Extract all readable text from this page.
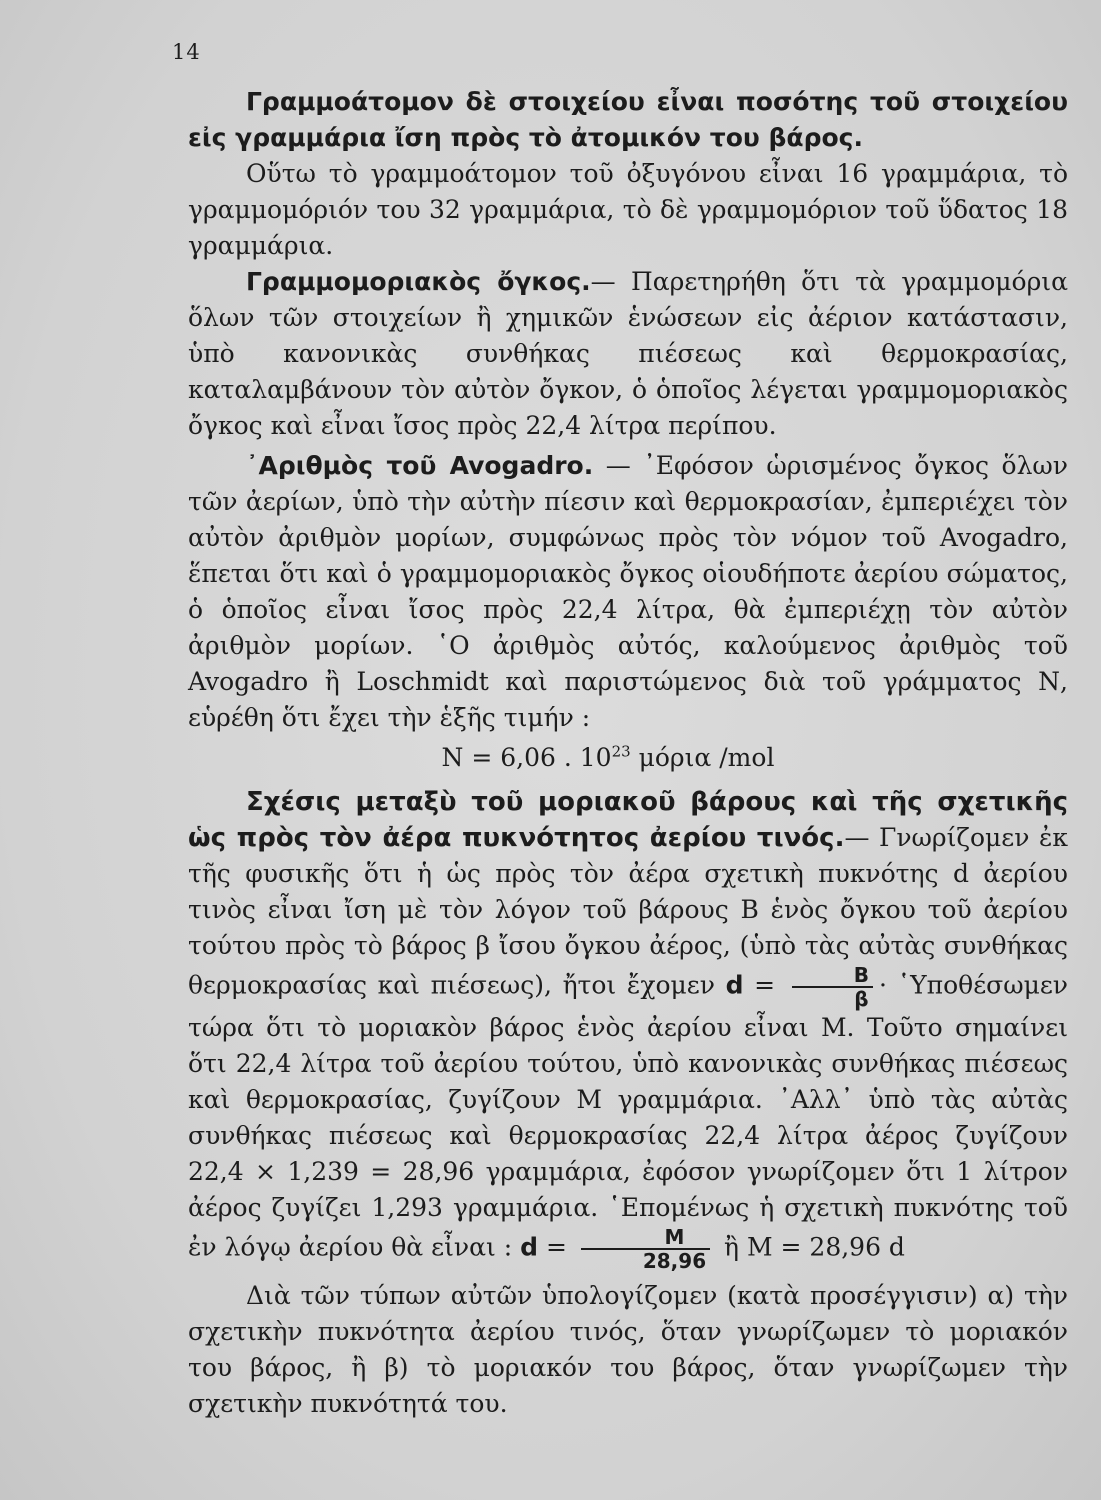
14

Γραμμοάτομον δὲ στοιχείου εἶναι ποσότης τοῦ στοιχείου εἰς γραμμάρια ἴση πρὸς τὸ ἀτομικόν του βάρος.

Οὕτω τὸ γραμμοάτομον τοῦ ὀξυγόνου εἶναι 16 γραμμάρια, τὸ γραμμομόριόν του 32 γραμμάρια, τὸ δὲ γραμμομόριον τοῦ ὕδατος 18 γραμμάρια.

Γραμμομοριακὸς ὄγκος.— Παρετηρήθη ὅτι τὰ γραμμομόρια ὅλων τῶν στοιχείων ἢ χημικῶν ἑνώσεων εἰς ἀέριον κατάστασιν, ὑπὸ κανονικὰς συνθήκας πιέσεως καὶ θερμοκρασίας, καταλαμβάνουν τὸν αὐτὸν ὄγκον, ὁ ὁποῖος λέγεται γραμμομοριακὸς ὄγκος καὶ εἶναι ἴσος πρὸς 22,4 λίτρα περίπου.

᾿Αριθμὸς τοῦ Avogadro. — ᾿Εφόσον ὡρισμένος ὄγκος ὅλων τῶν ἀερίων, ὑπὸ τὴν αὐτὴν πίεσιν καὶ θερμοκρασίαν, ἐμπεριέχει τὸν αὐτὸν ἀριθμὸν μορίων, συμφώνως πρὸς τὸν νόμον τοῦ Avogadro, ἕπεται ὅτι καὶ ὁ γραμμομοριακὸς ὄγκος οἱουδήποτε ἀερίου σώματος, ὁ ὁποῖος εἶναι ἴσος πρὸς 22,4 λίτρα, θὰ ἐμπεριέχῃ τὸν αὐτὸν ἀριθμὸν μορίων. ῾Ο ἀριθμὸς αὐτός, καλούμενος ἀριθμὸς τοῦ Avogadro ἢ Loschmidt καὶ παριστώμενος διὰ τοῦ γράμματος Ν, εὑρέθη ὅτι ἔχει τὴν ἑξῆς τιμήν :

N = 6,06 . $10^{23}$ μόρια /mol

Σχέσις μεταξὺ τοῦ μοριακοῦ βάρους καὶ τῆς σχετικῆς ὡς πρὸς τὸν ἀέρα πυκνότητος ἀερίου τινός.— Γνωρίζομεν ἐκ τῆς φυσικῆς ὅτι ἡ ὡς πρὸς τὸν ἀέρα σχετικὴ πυκνότης d ἀερίου τινὸς εἶναι ἴση μὲ τὸν λόγον τοῦ βάρους Β ἑνὸς ὄγκου τοῦ ἀερίου τούτου πρὸς τὸ βάρος β ἴσου ὄγκου ἀέρος, (ὑπὸ τὰς αὐτὰς συνθήκας θερμοκρασίας καὶ πιέσεως), ἤτοι ἔχομεν $d = \frac{B}{\beta}$ · ῾Υποθέσωμεν τώρα ὅτι τὸ μοριακὸν βάρος ἑνὸς ἀερίου εἶναι Μ. Τοῦτο σημαίνει ὅτι 22,4 λίτρα τοῦ ἀερίου τούτου, ὑπὸ κανονικὰς συνθήκας πιέσεως καὶ θερμοκρασίας, ζυγίζουν Μ γραμμάρια. ᾿Αλλ᾿ ὑπὸ τὰς αὐτὰς συνθήκας πιέσεως καὶ θερμοκρασίας 22,4 λίτρα ἀέρος ζυγίζουν 22,4 × 1,239 = 28,96 γραμμάρια, ἐφόσον γνωρίζομεν ὅτι 1 λίτρον ἀέρος ζυγίζει 1,293 γραμμάρια. ῾Επομένως ἡ σχετικὴ πυκνότης τοῦ ἐν λόγῳ ἀερίου θὰ εἶναι : $d = \frac{M}{28,96}$ ἢ Μ = 28,96 d

Διὰ τῶν τύπων αὐτῶν ὑπολογίζομεν (κατὰ προσέγγισιν) α) τὴν σχετικὴν πυκνότητα ἀερίου τινός, ὅταν γνωρίζωμεν τὸ μοριακόν του βάρος, ἢ β) τὸ μοριακόν του βάρος, ὅταν γνωρίζωμεν τὴν σχετικὴν πυκνότητά του.
